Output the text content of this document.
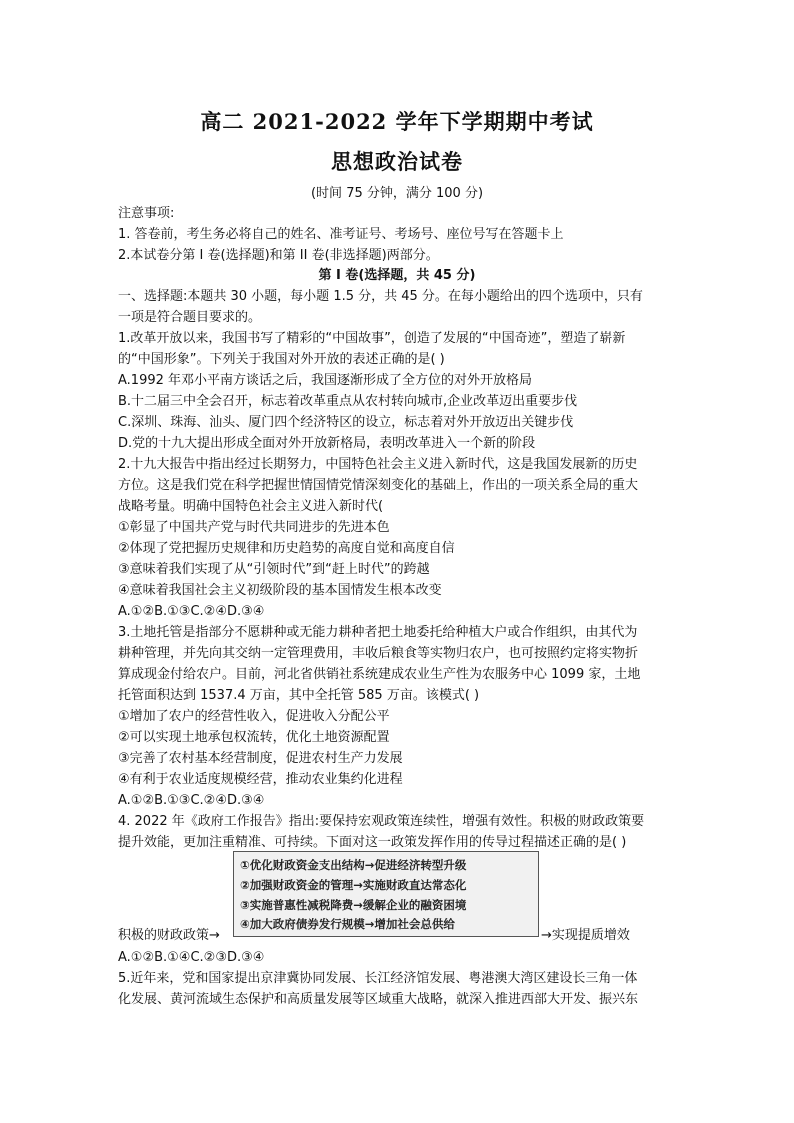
高二 2021-2022 学年下学期期中考试
思想政治试卷
(时间 75 分钟，满分 100 分)
注意事项:
1. 答卷前，考生务必将自己的姓名、准考证号、考场号、座位号写在答题卡上
2.本试卷分第 I 卷(选择题)和第 II 卷(非选择题)两部分。
第 I 卷(选择题，共 45 分)
一、选择题:本题共 30 小题，每小题 1.5 分，共 45 分。在每小题给出的四个选项中，只有
一项是符合题目要求的。
1.改革开放以来，我国书写了精彩的“中国故事”，创造了发展的“中国奇迹”，塑造了崭新
的“中国形象”。下列关于我国对外开放的表述正确的是( )
A.1992 年邓小平南方谈话之后，我国逐渐形成了全方位的对外开放格局
B.十二届三中全会召开，标志着改革重点从农村转向城市,企业改革迈出重要步伐
C.深圳、珠海、汕头、厦门四个经济特区的设立，标志着对外开放迈出关键步伐
D.党的十九大提出形成全面对外开放新格局，表明改革进入一个新的阶段
2.十九大报告中指出经过长期努力，中国特色社会主义进入新时代，这是我国发展新的历史
方位。这是我们党在科学把握世情国情党情深刻变化的基础上，作出的一项关系全局的重大
战略考量。明确中国特色社会主义进入新时代(
①彰显了中国共产党与时代共同进步的先进本色
②体现了党把握历史规律和历史趋势的高度自觉和高度自信
③意味着我们实现了从“引领时代”到“赶上时代”的跨越
④意味着我国社会主义初级阶段的基本国情发生根本改变
A.①②B.①③C.②④D.③④
3.土地托管是指部分不愿耕种或无能力耕种者把土地委托给种植大户或合作组织，由其代为
耕种管理，并先向其交纳一定管理费用，丰收后粮食等实物归农户，也可按照约定将实物折
算成现金付给农户。目前，河北省供销社系统建成农业生产性为农服务中心 1099 家，土地
托管面积达到 1537.4 万亩，其中全托管 585 万亩。该模式( )
①增加了农户的经营性收入，促进收入分配公平
②可以实现土地承包权流转，优化土地资源配置
③完善了农村基本经营制度，促进农村生产力发展
④有利于农业适度规模经营，推动农业集约化进程
A.①②B.①③C.②④D.③④
4. 2022 年《政府工作报告》指出:要保持宏观政策连续性，增强有效性。积极的财政政策要
提升效能，更加注重精准、可持续。下面对这一政策发挥作用的传导过程描述正确的是( )
①优化财政资金支出结构→促进经济转型升级
②加强财政资金的管理→实施财政直达常态化
③实施普惠性减税降费→缓解企业的融资困境
④加大政府债券发行规模→增加社会总供给
积极的财政政策→	→实现提质增效
A.①②B.①④C.②③D.③④
5.近年来，党和国家提出京津冀协同发展、长江经济馆发展、粤港澳大湾区建设长三角一体
化发展、黄河流域生态保护和高质量发展等区域重大战略，就深入推进西部大开发、振兴东
